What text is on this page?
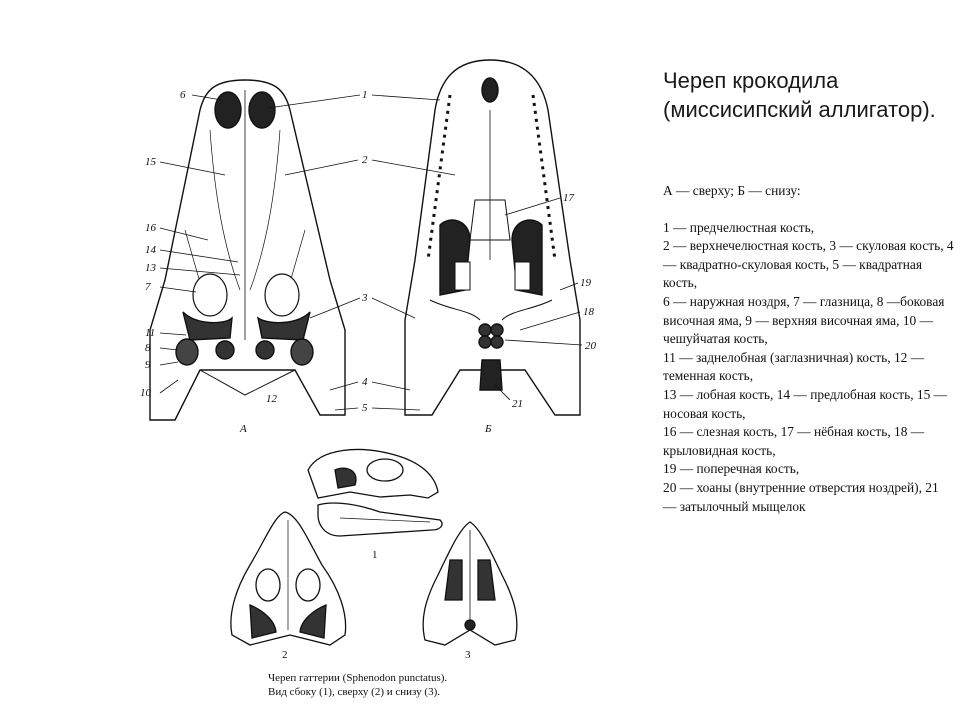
Череп крокодила (миссисипский аллигатор).

А — сверху; Б — снизу:

1 — предчелюстная кость,

2 — верхнечелюстная кость, 3 — скуловая кость, 4 — квадратно-скуловая кость, 5 — квадратная кость,

6 — наружная ноздря, 7 — глазница, 8 —боковая височная яма, 9 — верхняя височная яма, 10 — чешуйчатая кость,

11 — заднелобная (заглазничная) кость, 12 — теменная кость,

13 — лобная кость, 14 — предлобная кость, 15 — носовая кость,

16 — слезная кость, 17 — нёбная кость, 18 — крыловидная кость,

19 — поперечная кость,

20 — хоаны (внутренние отверстия ноздрей), 21 — затылочный мыщелок

6
15
16
14
13
7
11
8
9
10
1
2
3
4
5
12
17
19
18
20
21
А	Б
1
2	3
Череп гаттерии (Sphenodon punctatus).
Вид сбоку (1), сверху (2) и снизу (3).
